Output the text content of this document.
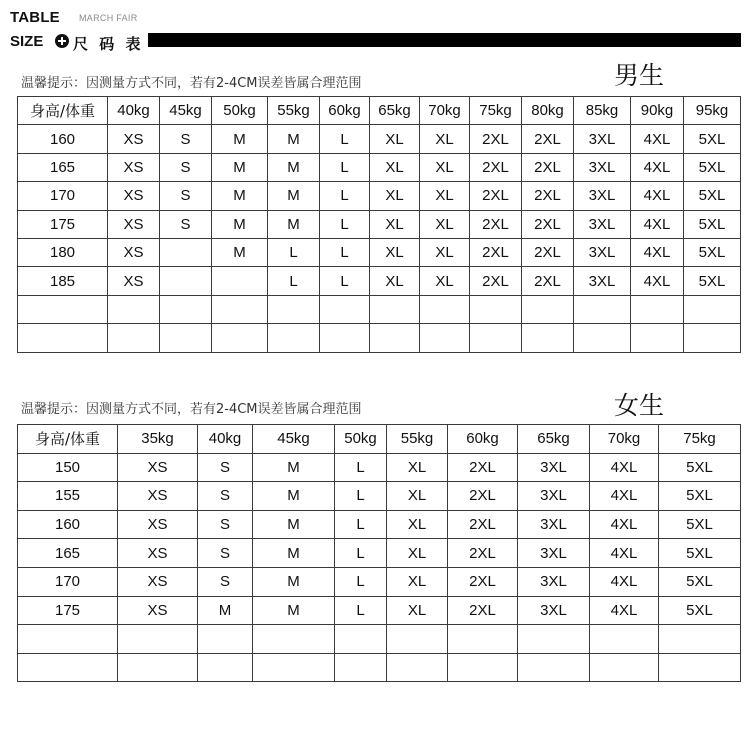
TABLE MARCH FAIR
SIZE 尺 码 表
温馨提示：因测量方式不同，若有2-4CM误差皆属合理范围	男生
身高/体重	40kg	45kg	50kg	55kg	60kg	65kg	70kg	75kg	80kg	85kg	90kg	95kg
160	XS	S	M	M	L	XL	XL	2XL	2XL	3XL	4XL	5XL
165	XS	S	M	M	L	XL	XL	2XL	2XL	3XL	4XL	5XL
170	XS	S	M	M	L	XL	XL	2XL	2XL	3XL	4XL	5XL
175	XS	S	M	M	L	XL	XL	2XL	2XL	3XL	4XL	5XL
180	XS		M	L	L	XL	XL	2XL	2XL	3XL	4XL	5XL
185	XS			L	L	XL	XL	2XL	2XL	3XL	4XL	5XL

温馨提示：因测量方式不同，若有2-4CM误差皆属合理范围	女生
身高/体重	35kg	40kg	45kg	50kg	55kg	60kg	65kg	70kg	75kg
150	XS	S	M	L	XL	2XL	3XL	4XL	5XL
155	XS	S	M	L	XL	2XL	3XL	4XL	5XL
160	XS	S	M	L	XL	2XL	3XL	4XL	5XL
165	XS	S	M	L	XL	2XL	3XL	4XL	5XL
170	XS	S	M	L	XL	2XL	3XL	4XL	5XL
175	XS	M	M	L	XL	2XL	3XL	4XL	5XL
